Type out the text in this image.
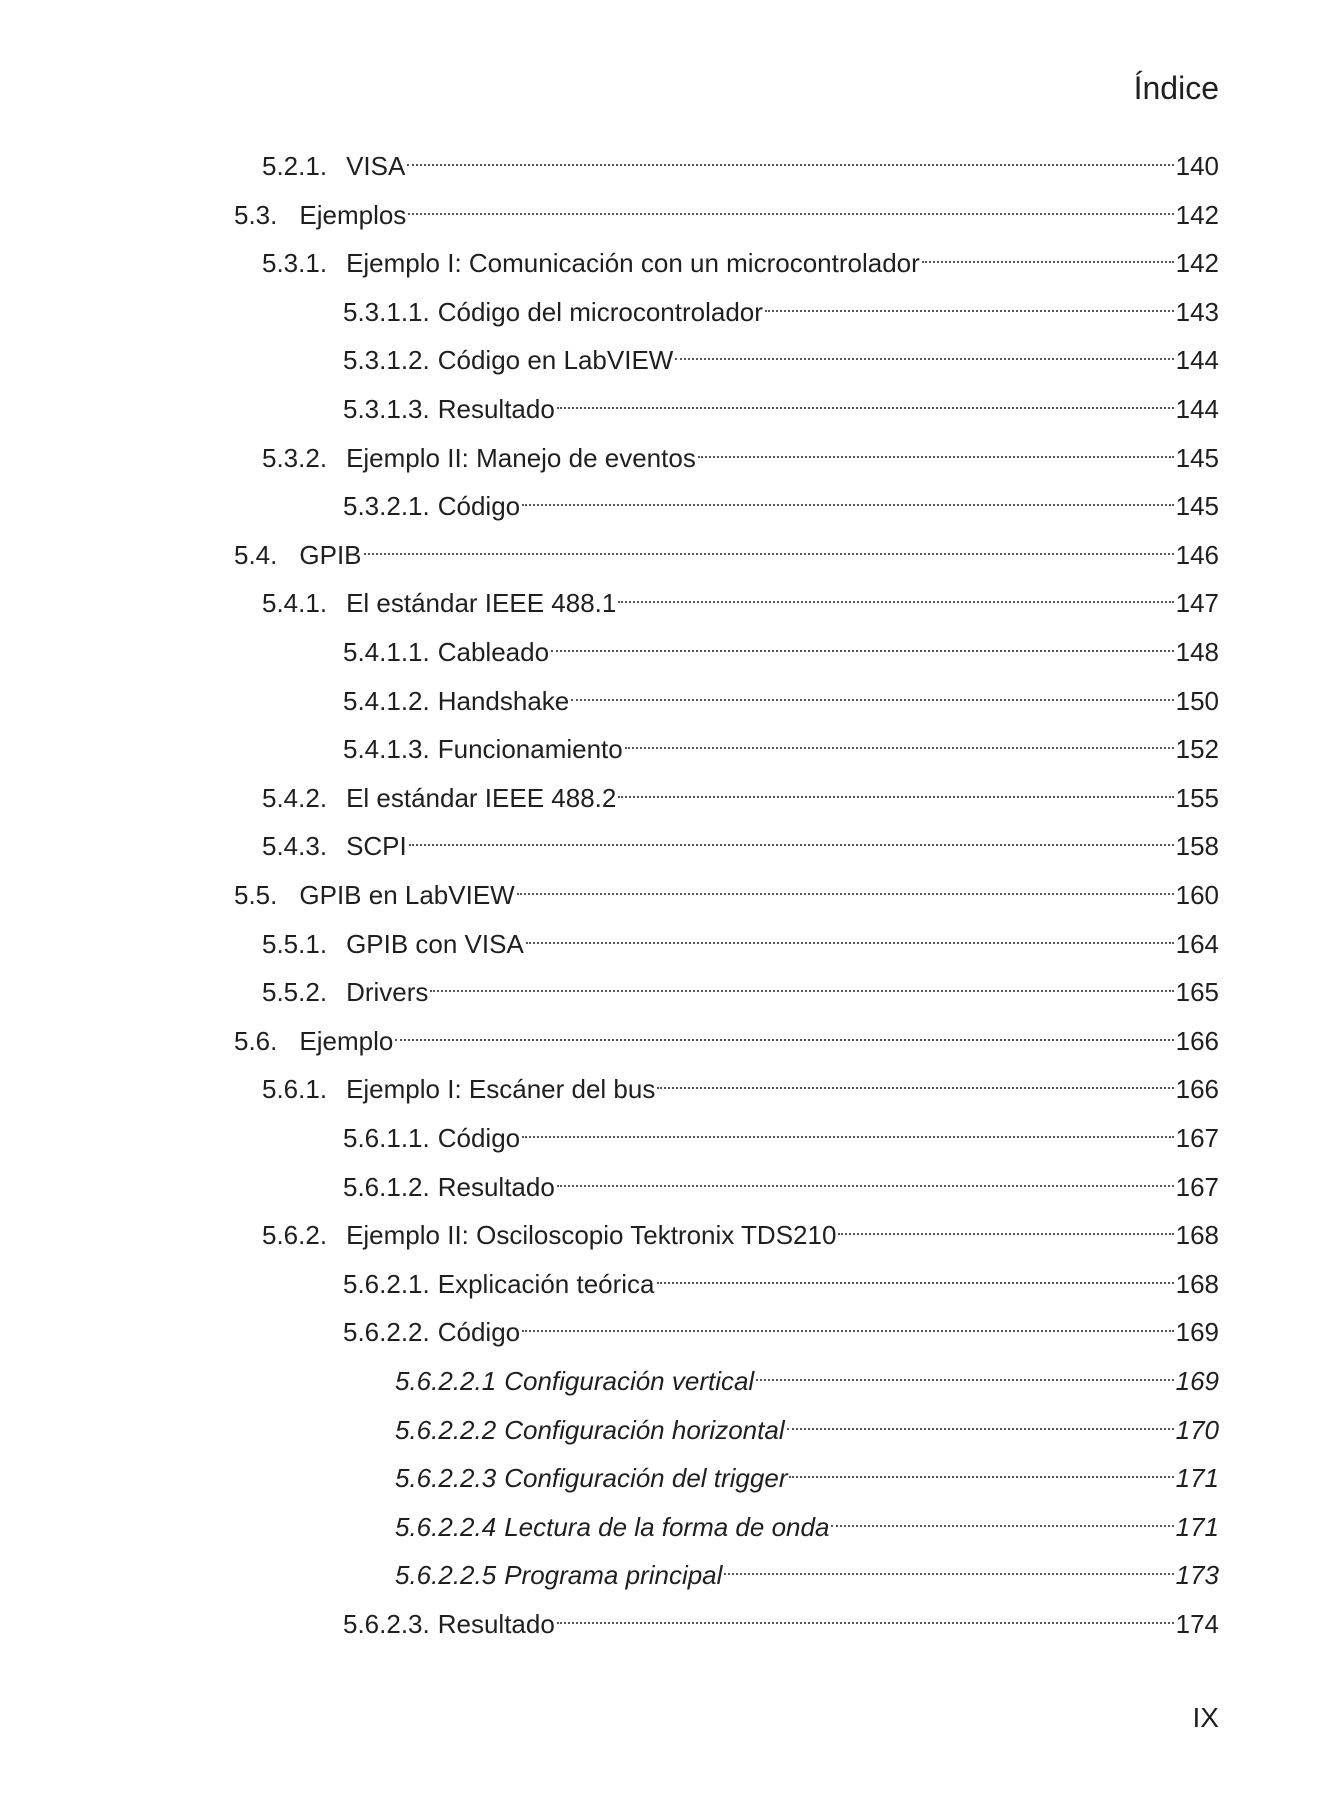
Índice
5.2.1. VISA	140
5.3. Ejemplos	142
5.3.1. Ejemplo I: Comunicación con un microcontrolador	142
5.3.1.1. Código del microcontrolador	143
5.3.1.2. Código en LabVIEW	144
5.3.1.3. Resultado	144
5.3.2. Ejemplo II: Manejo de eventos	145
5.3.2.1. Código	145
5.4. GPIB	146
5.4.1. El estándar IEEE 488.1	147
5.4.1.1. Cableado	148
5.4.1.2. Handshake	150
5.4.1.3. Funcionamiento	152
5.4.2. El estándar IEEE 488.2	155
5.4.3. SCPI	158
5.5. GPIB en LabVIEW	160
5.5.1. GPIB con VISA	164
5.5.2. Drivers	165
5.6. Ejemplo	166
5.6.1. Ejemplo I: Escáner del bus	166
5.6.1.1. Código	167
5.6.1.2. Resultado	167
5.6.2. Ejemplo II: Osciloscopio Tektronix TDS210	168
5.6.2.1. Explicación teórica	168
5.6.2.2. Código	169
5.6.2.2.1 Configuración vertical	169
5.6.2.2.2 Configuración horizontal	170
5.6.2.2.3 Configuración del trigger	171
5.6.2.2.4 Lectura de la forma de onda	171
5.6.2.2.5 Programa principal	173
5.6.2.3. Resultado	174
IX
